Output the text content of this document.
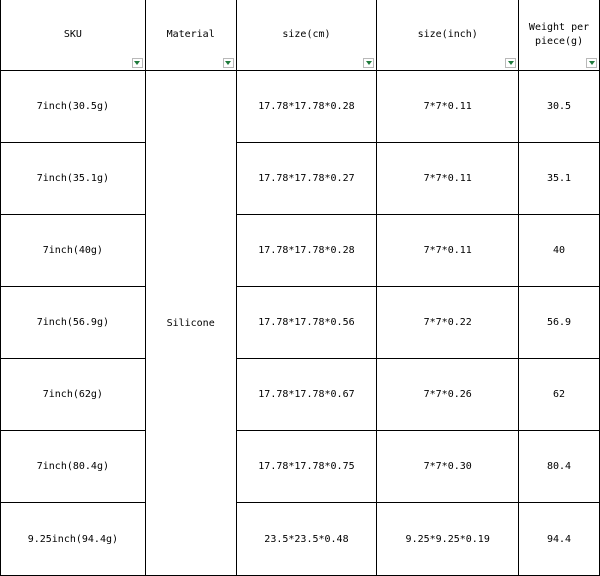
SKU	Material	size(cm)	size(inch)	Weight per piece(g)

7inch(30.5g)	Silicone	17.78*17.78*0.28	7*7*0.11	30.5
7inch(35.1g)		17.78*17.78*0.27	7*7*0.11	35.1
7inch(40g)		17.78*17.78*0.28	7*7*0.11	40
7inch(56.9g)		17.78*17.78*0.56	7*7*0.22	56.9
7inch(62g)		17.78*17.78*0.67	7*7*0.26	62
7inch(80.4g)		17.78*17.78*0.75	7*7*0.30	80.4
9.25inch(94.4g)		23.5*23.5*0.48	9.25*9.25*0.19	94.4
